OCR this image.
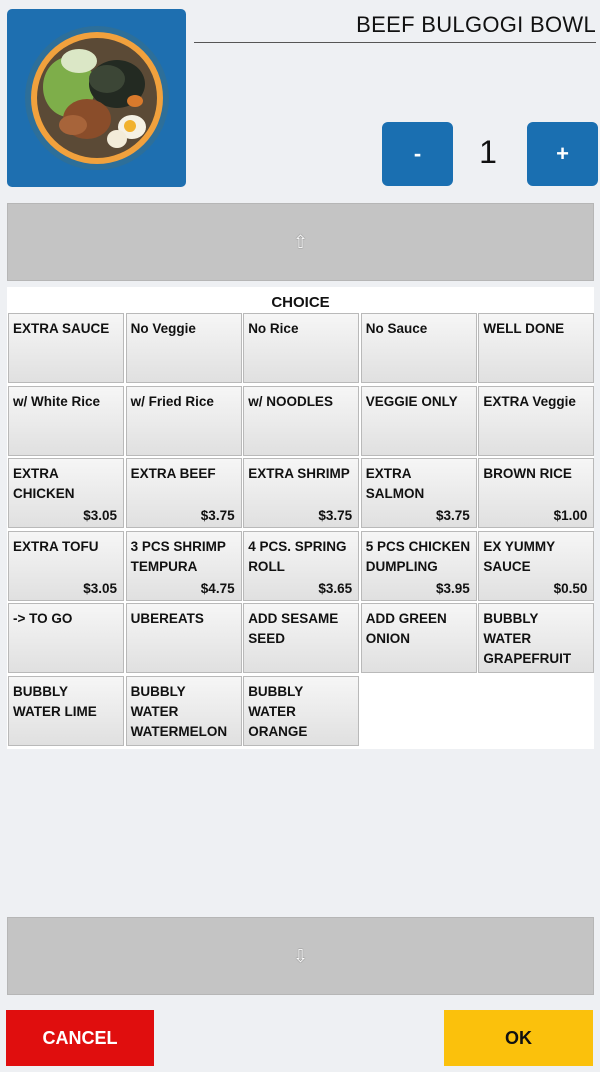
BEEF BULGOGI BOWL
-	1	+
⇧
CHOICE
EXTRA SAUCE	No Veggie	No Rice	No Sauce	WELL DONE
w/ White Rice	w/ Fried Rice	w/ NOODLES	VEGGIE ONLY	EXTRA Veggie
EXTRA CHICKEN
$3.05
EXTRA BEEF
$3.75
EXTRA SHRIMP
$3.75
EXTRA SALMON
$3.75
BROWN RICE
$1.00
EXTRA TOFU
$3.05
3 PCS SHRIMP TEMPURA
$4.75
4 PCS. SPRING ROLL
$3.65
5 PCS CHICKEN DUMPLING
$3.95
EX YUMMY SAUCE
$0.50
-> TO GO	UBEREATS	ADD SESAME SEED
ADD GREEN ONION
BUBBLY WATER GRAPEFRUIT
BUBBLY WATER LIME
BUBBLY WATER WATERMELON
BUBBLY WATER ORANGE
⇩
CANCEL	OK
